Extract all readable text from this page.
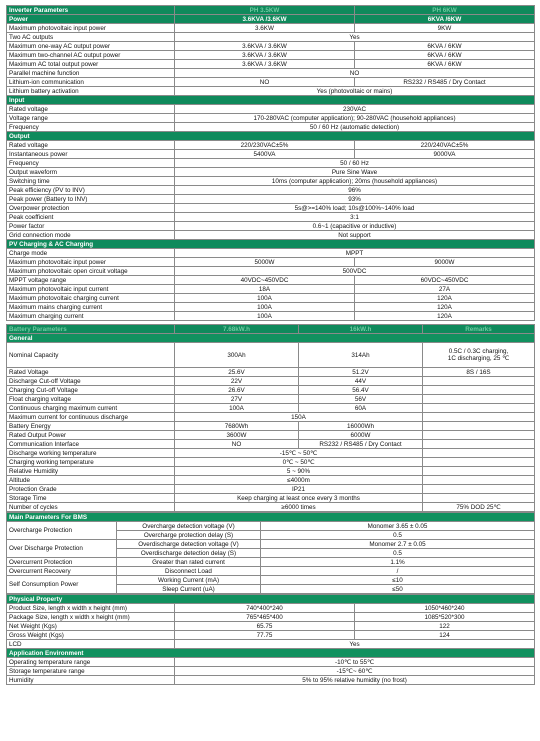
Inverter Parameters	PH 3.5KW	PH 6KW
Power	3.6KVA /3.6KW	6KVA /6KW
Maximum photovoltaic input power	3.6KW	9KW
Two AC outputs	Yes	
Maximum one-way AC output power	3.6KVA / 3.6KW	6KVA / 6KW
Maximum two-channel AC output power	3.6KVA / 3.6KW	6KVA / 6KW
Maximum AC total output power	3.6KVA / 3.6KW	6KVA / 6KW
Parallel machine function	NO	
Lithium-ion communication	NO	RS232 / RS485 / Dry Contact
Lithium battery activation	Yes (photovoltaic or mains)	
Input		
Rated voltage	230VAC	
Voltage range	170-280VAC (computer application); 90-280VAC (household appliances)	
Frequency	50 / 60 Hz (automatic detection)	
Output		
Rated voltage	220/230VAC±5%	220/240VAC±5%
Instantaneous power	5400VA	9000VA
Frequency	50 / 60 Hz	
Output waveform	Pure Sine Wave	
Switching time	10ms (computer application); 20ms (household appliances)	
Peak efficiency (PV to INV)	96%	
Peak power (Battery to INV)	93%	
Overpower protection	5s@>=140% load; 10s@100%~140% load	
Peak coefficient	3:1	
Power factor	0.6~1 (capacitive or inductive)	
Grid connection mode	Not support	
PV Charging & AC Charging		
Charge mode	MPPT	
Maximum photovoltaic input power	5000W	9000W
Maximum photovoltaic open circuit voltage	500VDC	
MPPT voltage range	40VDC~450VDC	60VDC~450VDC
Maximum photovoltaic input current	18A	27A
Maximum photovoltaic charging current	100A	120A
Maximum mains charging current	100A	120A
Maximum charging current	100A	120A
Battery Parameters	7.68kW.h	16kW.h	Remarks
General			
Nominal Capacity	300Ah	314Ah	0.5C / 0.3C charging,
1C discharging, 25 ℃

Rated Voltage	25.6V	51.2V	8S / 16S
Discharge Cut-off Voltage	22V	44V	
Charging Cut-off Voltage	26.6V	56.4V	
Float charging voltage	27V	56V	
Continuous charging maximum current	100A	60A	
Maximum current for continuous discharge	150A		
Battery Energy	7680Wh	16000Wh	
Rated Output Power	3600W	6000W	
Communication Interface	NO	RS232 / RS485 / Dry Contact	
Discharge working temperature	-15℃ ~ 50℃		
Charging working temperature	0℃ ~ 50℃		
Relative Humidity	5 ~ 90%		
Altitude	≤4000m		
Protection Grade	IP21		
Storage Time	Keep charging at least once every 3 months		
Number of cycles	≥6000 times		75% DOD 25℃
Main Parameters For BMS		
Overcharge Protection	Overcharge detection voltage (V)	Monomer 3.65 ± 0.05
	Overcharge protection delay (S)	0.5
Over Discharge Protection	Overdischarge detection voltage (V)	Monomer 2.7 ± 0.05
	Overdischarge detection delay (S)	0.5
Overcurrent Protection	Greater than rated current	1.1%
Overcurrent Recovery	Disconnect Load	/
Self Consumption Power	Working Current (mA)	≤10
	Sleep Current (uA)	≤50
Physical Property		
Product Size, length x width x height (mm)	740*400*240	1050*460*240
Package Size, length x width x height (mm)	765*465*400	1085*520*300
Net Weight (Kgs)	65.75	122
Gross Weight (Kgs)	77.75	124
LCD	Yes	
Application Environment		
Operating temperature range	-10℃ to 55℃	
Storage temperature range	-15℃~ 60℃	
Humidity	5% to 95% relative humidity (no frost)	
